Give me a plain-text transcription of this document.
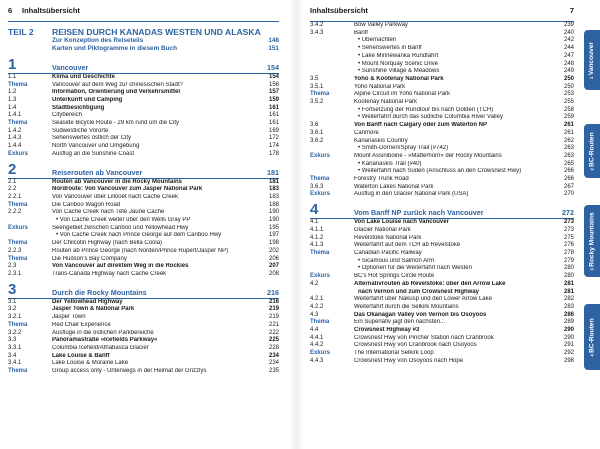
6	Inhaltsübersicht
TEIL 2	REISEN DURCH KANADAS WESTEN UND ALASKA
Zur Konzeption des Reiseteils	148
Karten und Piktogramme in diesem Buch	151
1	Vancouver	154
1.1	Klima und Geschichte	154
Thema	Vancouver auf dem Weg zur chinesischen Stadt?	156
1.2	Information, Orientierung und Verkehrsmittel	157
1.3	Unterkunft und Camping	159
1.4	Stadtbesichtigung	161
1.4.1	Citybereich	161
Thema	Seaside Bicycle Route - 29 km rund um die City	161
1.4.2	Südwestliche Vororte	169
1.4.3	Sehenswertes östlich der City	172
1.4.4	North Vancouver und Umgebung	174
Exkurs	Ausflug an die Sunshine Coast	178
2	Reiserouten ab Vancouver	181
2.1	Routen ab Vancouver in die Rocky Mountains	181
2.2	Nordroute: Von Vancouver zum Jasper National Park	183
2.2.1	Von Vancouver über Lillooet nach Cache Creek	183
Thema	Die Cariboo Wagon Road	188
2.2.2	Von Cache Creek nach Tête Jaune Cache	190
• Von Cache Creek weiter über den Wells Gray PP	190
Exkurs	Seengebiet zwischen Cariboo und Yellowhead Hwy	195
• Von Cache Creek nach Prince George auf dem Cariboo Hwy	197
Thema	Der Chilcotin Highway (nach Bella Coola)	198
2.2.3	Routen ab Prince George (nach Norden/Prince Rupert/Jasper NP)	202
Thema	Die Hudson's Bay Company	206
2.3	Von Vancouver auf direktem Weg in die Rockies	207
2.3.1	Trans-Canada Highway nach Cache Creek	208
3	Durch die Rocky Mountains	216
3.1	Der Yellowhead Highway	216
3.2	Jasper Town & National Park	219
3.2.1	Jasper Town	219
Thema	Red Chair Experience	221
3.2.2	Ausflüge in die östlichen Parkbereiche	222
3.3	Panoramastraße »Icefields Parkway«	225
3.3.1	Columbia Icefield/Athabasca Glacier	228
3.4	Lake Louise & Banff	234
3.4.1	Lake Louise & Moraine Lake	234
Thema	Group access only - Unterwegs in der Heimat der Grizzlys	235
Inhaltsübersicht	7
3.4.2	Bow Valley Parkway	239
3.4.3	Banff	240
• Übernachten	242
• Sehenswertes in Banff	244
• Lake Minnewanka Rundfahrt	247
• Mount Norquay Scenic Drive	248
• Sunshine Village & Meadows	249
3.5	Yoho & Kootenay National Park	250
3.5.1	Yoho National Park	250
Thema	Alpine Circuit im Yoho National Park	253
3.5.2	Kootenay National Park	255
• Fortsetzung der Rundtour bis nach Golden (TCH)	258
• Weiterfahrt durch das südliche Columbia River Valley	259
3.6	Von Banff nach Calgary oder zum Waterton NP	261
3.6.1	Canmore	261
3.6.2	Kananaskis Country	262
• Smith-Dorrien/Spray Trail (#742)	263
Exkurs	Mount Assiniboine - »Matterhorn« der Rocky Mountains	263
• Kananaskis Trail (#40)	265
• Weiterfahrt nach Süden (Anschluss an den Crowsnest Hwy)	266
Thema	Forestry Trunk Road	266
3.6.3	Waterton Lakes National Park	267
Exkurs	Ausflug in den Glacier National Park (USA)	270
4	Vom Banff NP zurück nach Vancouver	272
4.1	Von Lake Louise nach Vancouver	273
4.1.1	Glacier National Park	273
4.1.2	Revelstoke National Park	275
4.1.3	Weiterfahrt auf dem TCH ab Revelstoke	276
Thema	Canadian Pacific Railway	278
• Sicamous und Salmon Arm	279
• Optionen für die Weiterfahrt nach Westen	280
Exkurs	BC's Hot Springs Circle Route	280
4.2	Alternativrouten ab Revelstoke: über den Arrow Lake	281
nach Vernon und zum Crowsnest Highway	281
4.2.1	Weiterfahrt über Nakusp und den Lower Arrow Lake	282
4.2.2	Weiterfahrt durch die Selkirk Mountains	283
4.3	Das Okanagan Valley von Vernon bis Osoyoos	286
Thema	Ein Superlativ jagt den nächsten...	289
4.4	Crowsnest Highway #3	290
4.4.1	Crowsnest Hwy von Pincher Station nach Cranbrook	290
4.4.2	Crowsnest Hwy von Cranbrook nach Osoyoos	291
Exkurs	The International Selkirk Loop	292
4.4.3	Crowsnest Hwy von Osoyoos nach Hope	298
1 Vancouver
2 BC-Routen
3 Rocky Mountains
4 BC-Routen
